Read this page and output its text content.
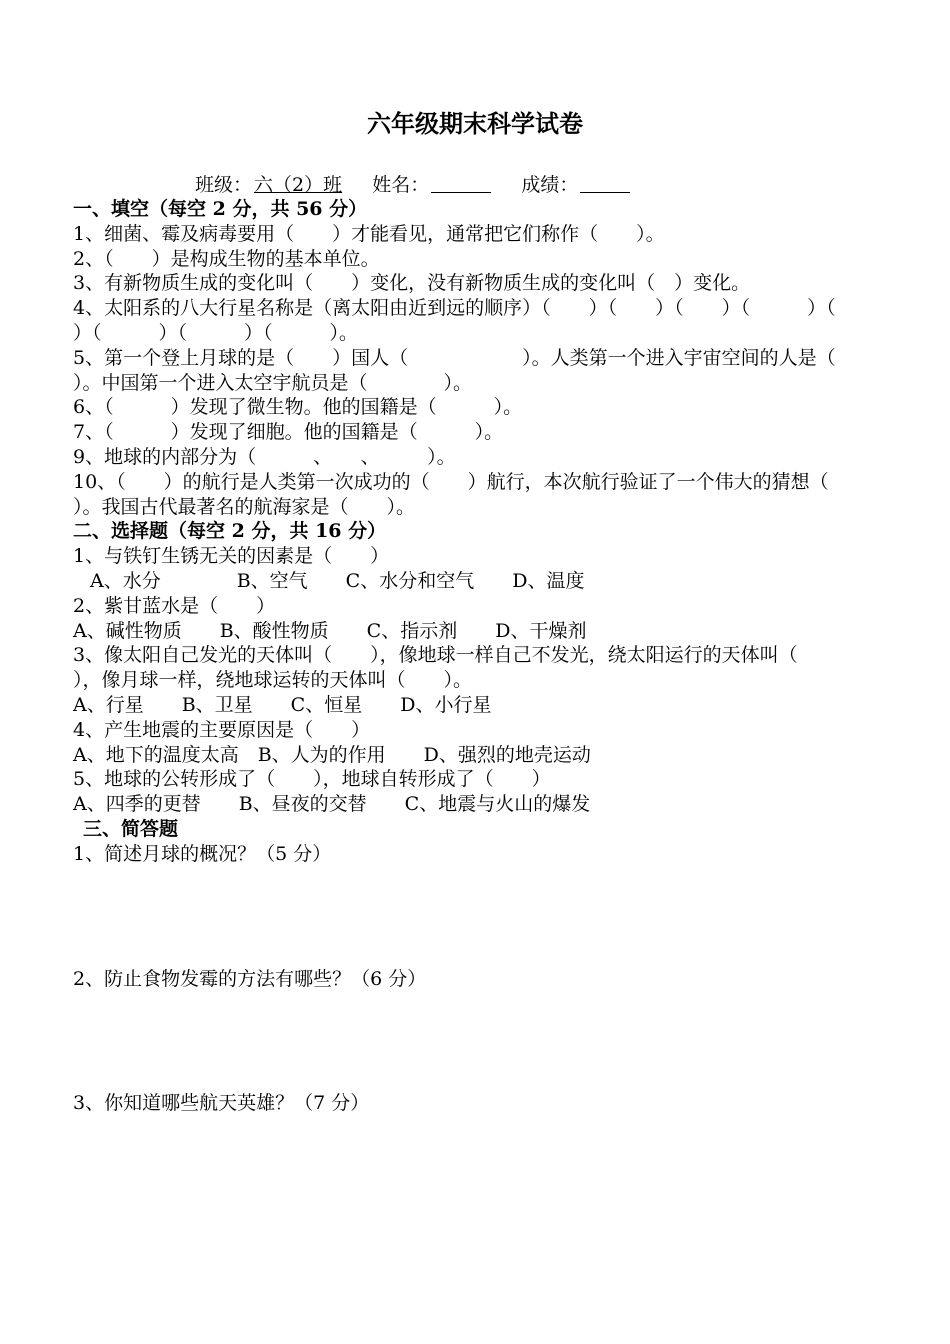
六年级期末科学试卷
班级： 六（2）班 姓名：	成绩：
一、填空（每空 2 分，共 56 分）
1、细菌、霉及病毒要用（　　）才能看见，通常把它们称作（　　）。
2、（　　）是构成生物的基本单位。
3、有新物质生成的变化叫（　　）变化，没有新物质生成的变化叫（　）变化。
4、太阳系的八大行星名称是（离太阳由近到远的顺序）（　　）（　　）（　　）（　　　）（
）（　　　）（　　　）（　　　）。
5、第一个登上月球的是（　　）国人（　　　　　　）。人类第一个进入宇宙空间的人是（
）。中国第一个进入太空宇航员是（　　　　）。
6、（　　　）发现了微生物。他的国籍是（　　　）。
7、（　　　）发现了细胞。他的国籍是（　　　）。
9、地球的内部分为（　　　、　　、　　　）。
10、（　　）的航行是人类第一次成功的（　　）航行，本次航行验证了一个伟大的猜想（
）。我国古代最著名的航海家是（　　）。
二、选择题（每空 2 分，共 16 分）
1、与铁钉生锈无关的因素是（　　）
A、水分　　　　B、空气　　C、水分和空气　　D、温度
2、紫甘蓝水是（　　）
A、碱性物质　　B、酸性物质　　C、指示剂　　D、干燥剂
3、像太阳自己发光的天体叫（　　），像地球一样自己不发光，绕太阳运行的天体叫（
），像月球一样，绕地球运转的天体叫（　　）。
A、行星　　B、卫星　　C、恒星　　D、小行星
4、产生地震的主要原因是（　　）
A、地下的温度太高　B、人为的作用　　D、强烈的地壳运动
5、地球的公转形成了（　　），地球自转形成了（　　）
A、四季的更替　　B、昼夜的交替　　C、地震与火山的爆发
三、简答题
1、简述月球的概况？（5 分）
2、防止食物发霉的方法有哪些？（6 分）
3、你知道哪些航天英雄？（7 分）
